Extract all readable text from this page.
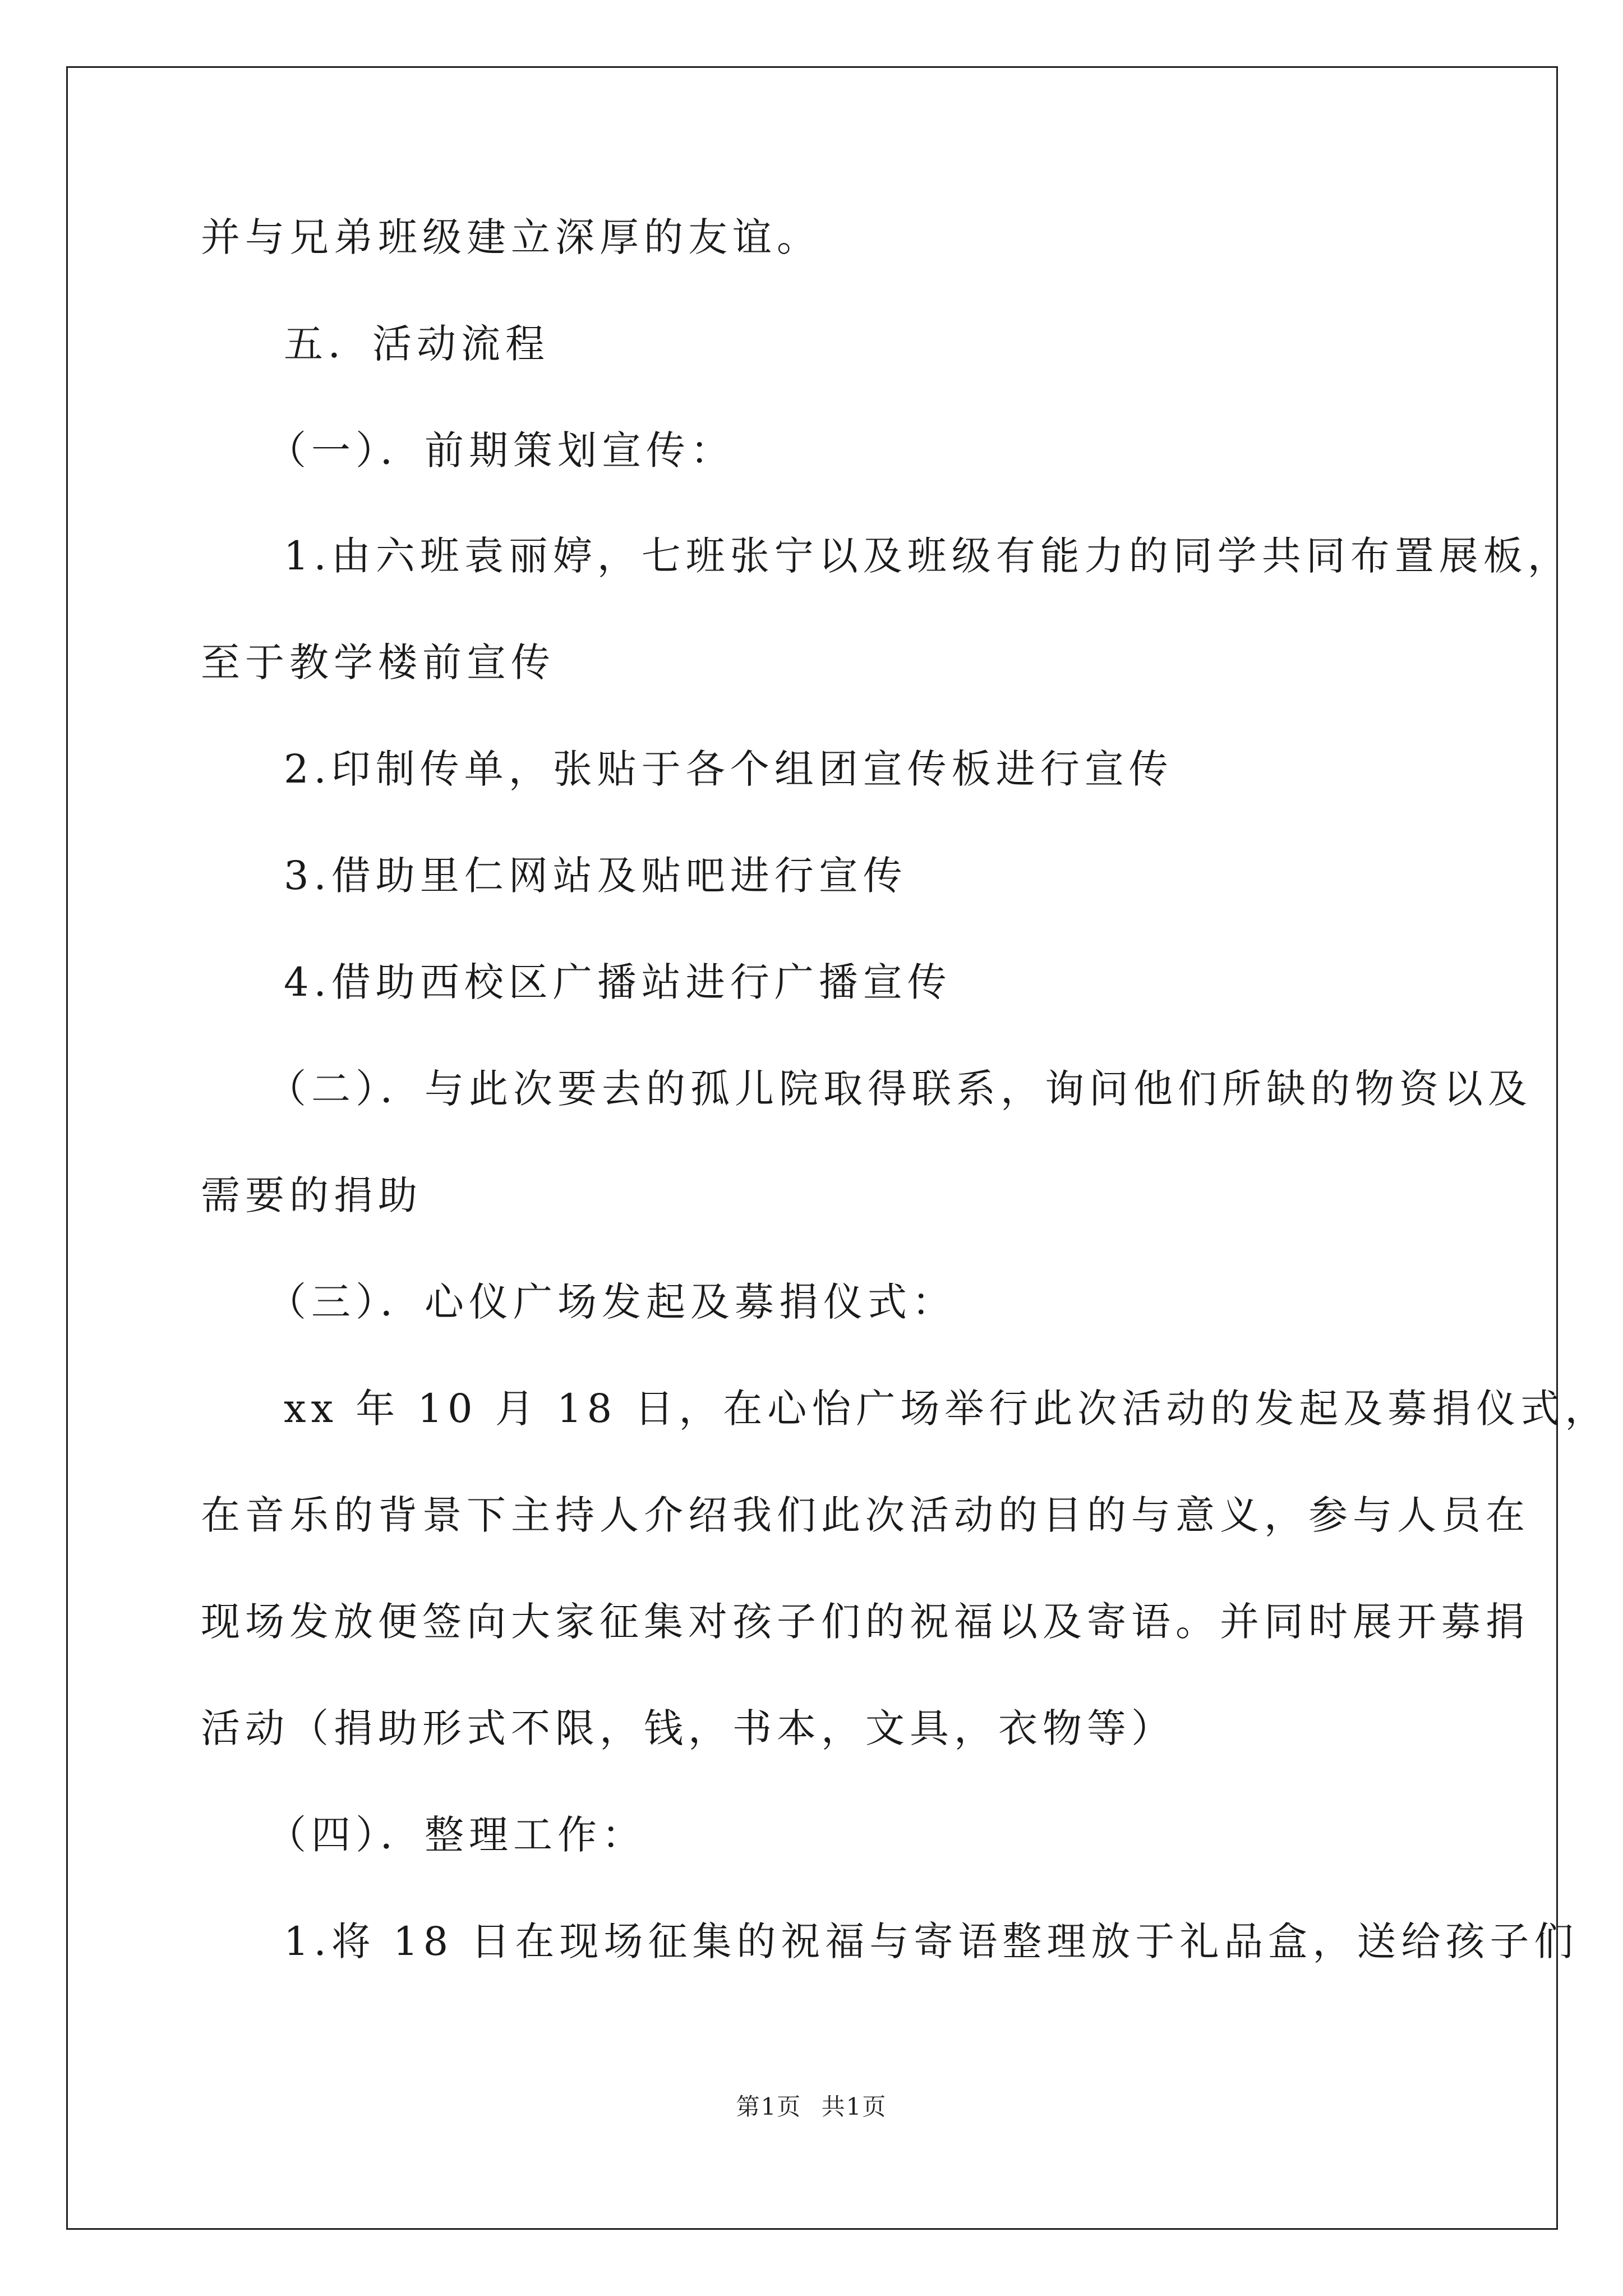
并与兄弟班级建立深厚的友谊。
五．活动流程
（一）．前期策划宣传：
1.由六班袁丽婷，七班张宁以及班级有能力的同学共同布置展板，
至于教学楼前宣传
2.印制传单，张贴于各个组团宣传板进行宣传
3.借助里仁网站及贴吧进行宣传
4.借助西校区广播站进行广播宣传
（二）．与此次要去的孤儿院取得联系，询问他们所缺的物资以及
需要的捐助
（三）．心仪广场发起及募捐仪式：
xx 年 10 月 18 日，在心怡广场举行此次活动的发起及募捐仪式，
在音乐的背景下主持人介绍我们此次活动的目的与意义，参与人员在
现场发放便签向大家征集对孩子们的祝福以及寄语。并同时展开募捐
活动（捐助形式不限，钱，书本，文具，衣物等）
（四）．整理工作：
1.将 18 日在现场征集的祝福与寄语整理放于礼品盒，送给孩子们
第1页 共1页
